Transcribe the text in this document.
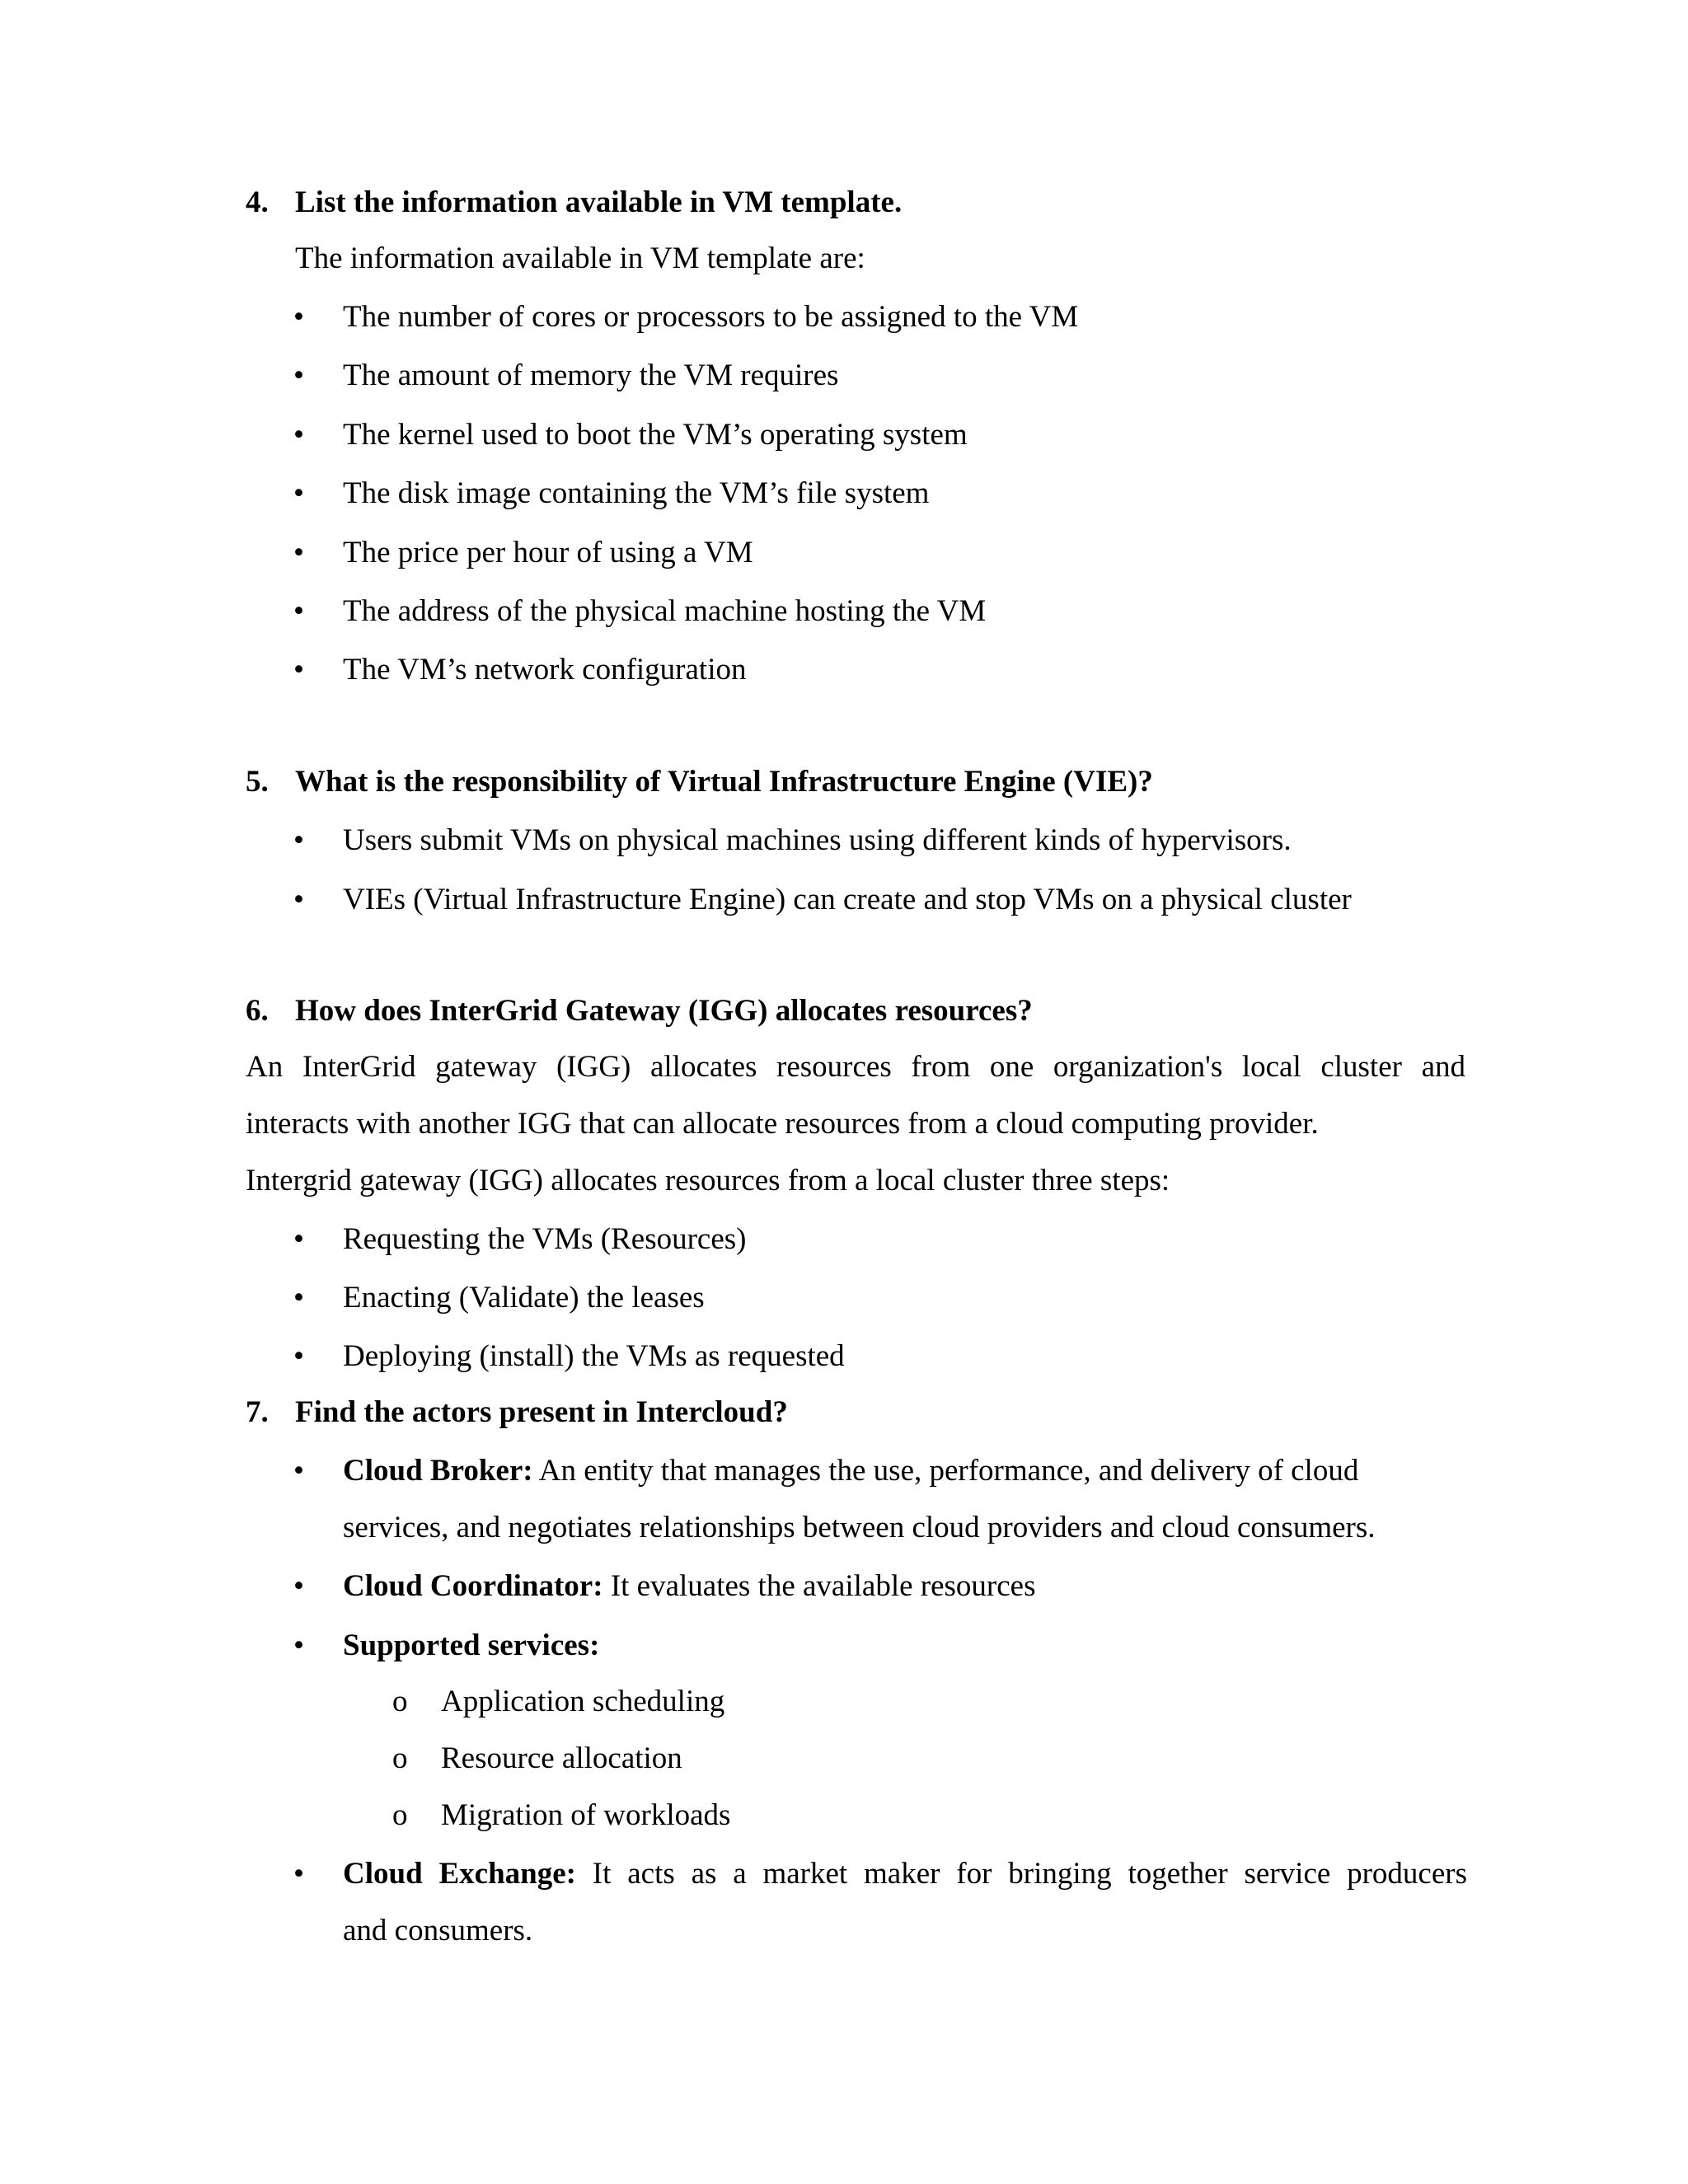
4. List the information available in VM template.
The information available in VM template are:
• The number of cores or processors to be assigned to the VM
• The amount of memory the VM requires
• The kernel used to boot the VM’s operating system
• The disk image containing the VM’s file system
• The price per hour of using a VM
• The address of the physical machine hosting the VM
• The VM’s network configuration
5. What is the responsibility of Virtual Infrastructure Engine (VIE)?
• Users submit VMs on physical machines using different kinds of hypervisors.
• VIEs (Virtual Infrastructure Engine) can create and stop VMs on a physical cluster
6. How does InterGrid Gateway (IGG) allocates resources?
An InterGrid gateway (IGG) allocates resources from one organization's local cluster and
interacts with another IGG that can allocate resources from a cloud computing provider.
Intergrid gateway (IGG) allocates resources from a local cluster three steps:
• Requesting the VMs (Resources)
• Enacting (Validate) the leases
• Deploying (install) the VMs as requested
7. Find the actors present in Intercloud?
• Cloud Broker: An entity that manages the use, performance, and delivery of cloud
services, and negotiates relationships between cloud providers and cloud consumers.
• Cloud Coordinator: It evaluates the available resources
• Supported services:
o Application scheduling
o Resource allocation
o Migration of workloads
• Cloud Exchange: It acts as a market maker for bringing together service producers
and consumers.
